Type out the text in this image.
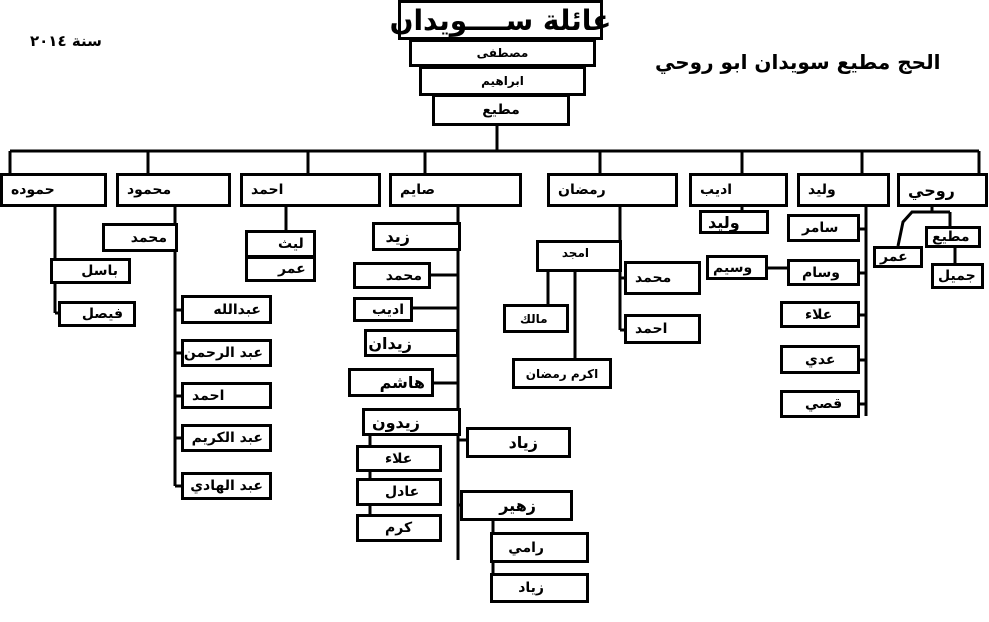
عائلة ســــويدان
سنة ٢٠١٤
الحج مطيع سويدان ابو روحي
مصطفى
ابراهيم
مطيع
حموده	محمود	احمد	صايم	رمضان	اديب	وليد	روحي
باسل
فيصل
محمد
عبدالله
عبد الرحمن
احمد
عبد الكريم
عبد الهادي
ليث
عمر
زيد
محمد
اديب
زيدان
هاشم
زيدون
زياد
زهير
علاء
عادل
كرم
رامي
زياد
امجد
محمد
احمد
مالك
اكرم رمضان
وليد	سامر
وسام
علاء
عدي
قصي
وسيم
مطيع
عمر
جميل
